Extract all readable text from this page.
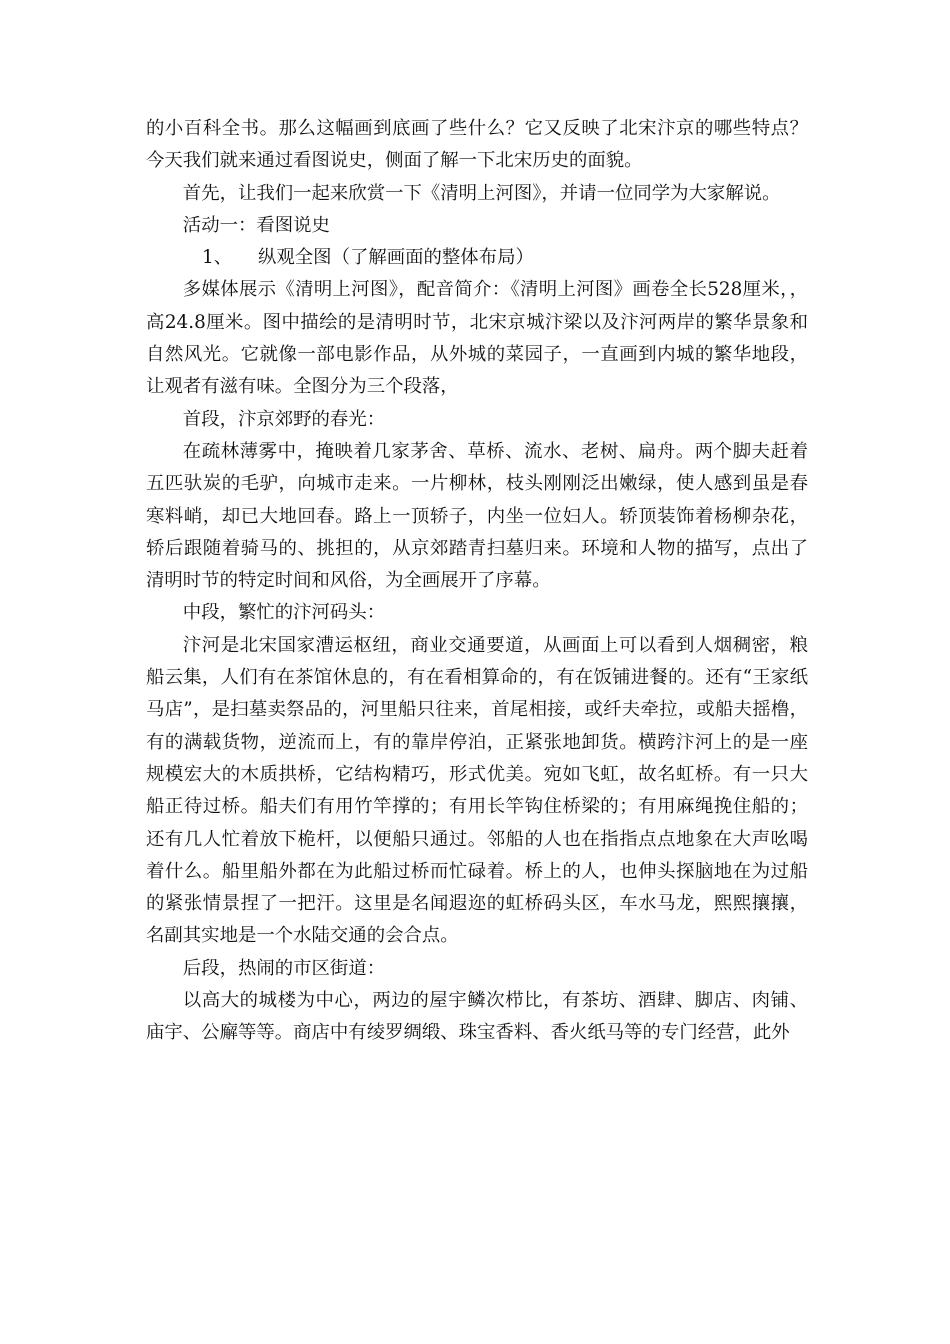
的小百科全书。那么这幅画到底画了些什么？它又反映了北宋汴京的哪些特点？今天我们就来通过看图说史，侧面了解一下北宋历史的面貌。

首先，让我们一起来欣赏一下《清明上河图》，并请一位同学为大家解说。

活动一：看图说史

1、 纵观全图（了解画面的整体布局）

多媒体展示《清明上河图》，配音简介：《清明上河图》画卷全长528厘米，，高24.8厘米。图中描绘的是清明时节，北宋京城汴梁以及汴河两岸的繁华景象和自然风光。它就像一部电影作品，从外城的菜园子，一直画到内城的繁华地段，让观者有滋有味。全图分为三个段落，

首段，汴京郊野的春光：

在疏林薄雾中，掩映着几家茅舍、草桥、流水、老树、扁舟。两个脚夫赶着五匹驮炭的毛驴，向城市走来。一片柳林，枝头刚刚泛出嫩绿，使人感到虽是春寒料峭，却已大地回春。路上一顶轿子，内坐一位妇人。轿顶装饰着杨柳杂花，轿后跟随着骑马的、挑担的，从京郊踏青扫墓归来。环境和人物的描写，点出了清明时节的特定时间和风俗，为全画展开了序幕。

中段，繁忙的汴河码头：

汴河是北宋国家漕运枢纽，商业交通要道，从画面上可以看到人烟稠密，粮船云集，人们有在茶馆休息的，有在看相算命的，有在饭铺进餐的。还有“王家纸马店”，是扫墓卖祭品的，河里船只往来，首尾相接，或纤夫牵拉，或船夫摇橹，有的满载货物，逆流而上，有的靠岸停泊，正紧张地卸货。横跨汴河上的是一座规模宏大的木质拱桥，它结构精巧，形式优美。宛如飞虹，故名虹桥。有一只大船正待过桥。船夫们有用竹竿撑的；有用长竿钩住桥梁的；有用麻绳挽住船的；还有几人忙着放下桅杆，以便船只通过。邻船的人也在指指点点地象在大声吆喝着什么。船里船外都在为此船过桥而忙碌着。桥上的人，也伸头探脑地在为过船的紧张情景捏了一把汗。这里是名闻遐迩的虹桥码头区，车水马龙，熙熙攘攘，名副其实地是一个水陆交通的会合点。

后段，热闹的市区街道：

以高大的城楼为中心，两边的屋宇鳞次栉比，有茶坊、酒肆、脚店、肉铺、庙宇、公廨等等。商店中有绫罗绸缎、珠宝香料、香火纸马等的专门经营，此外
